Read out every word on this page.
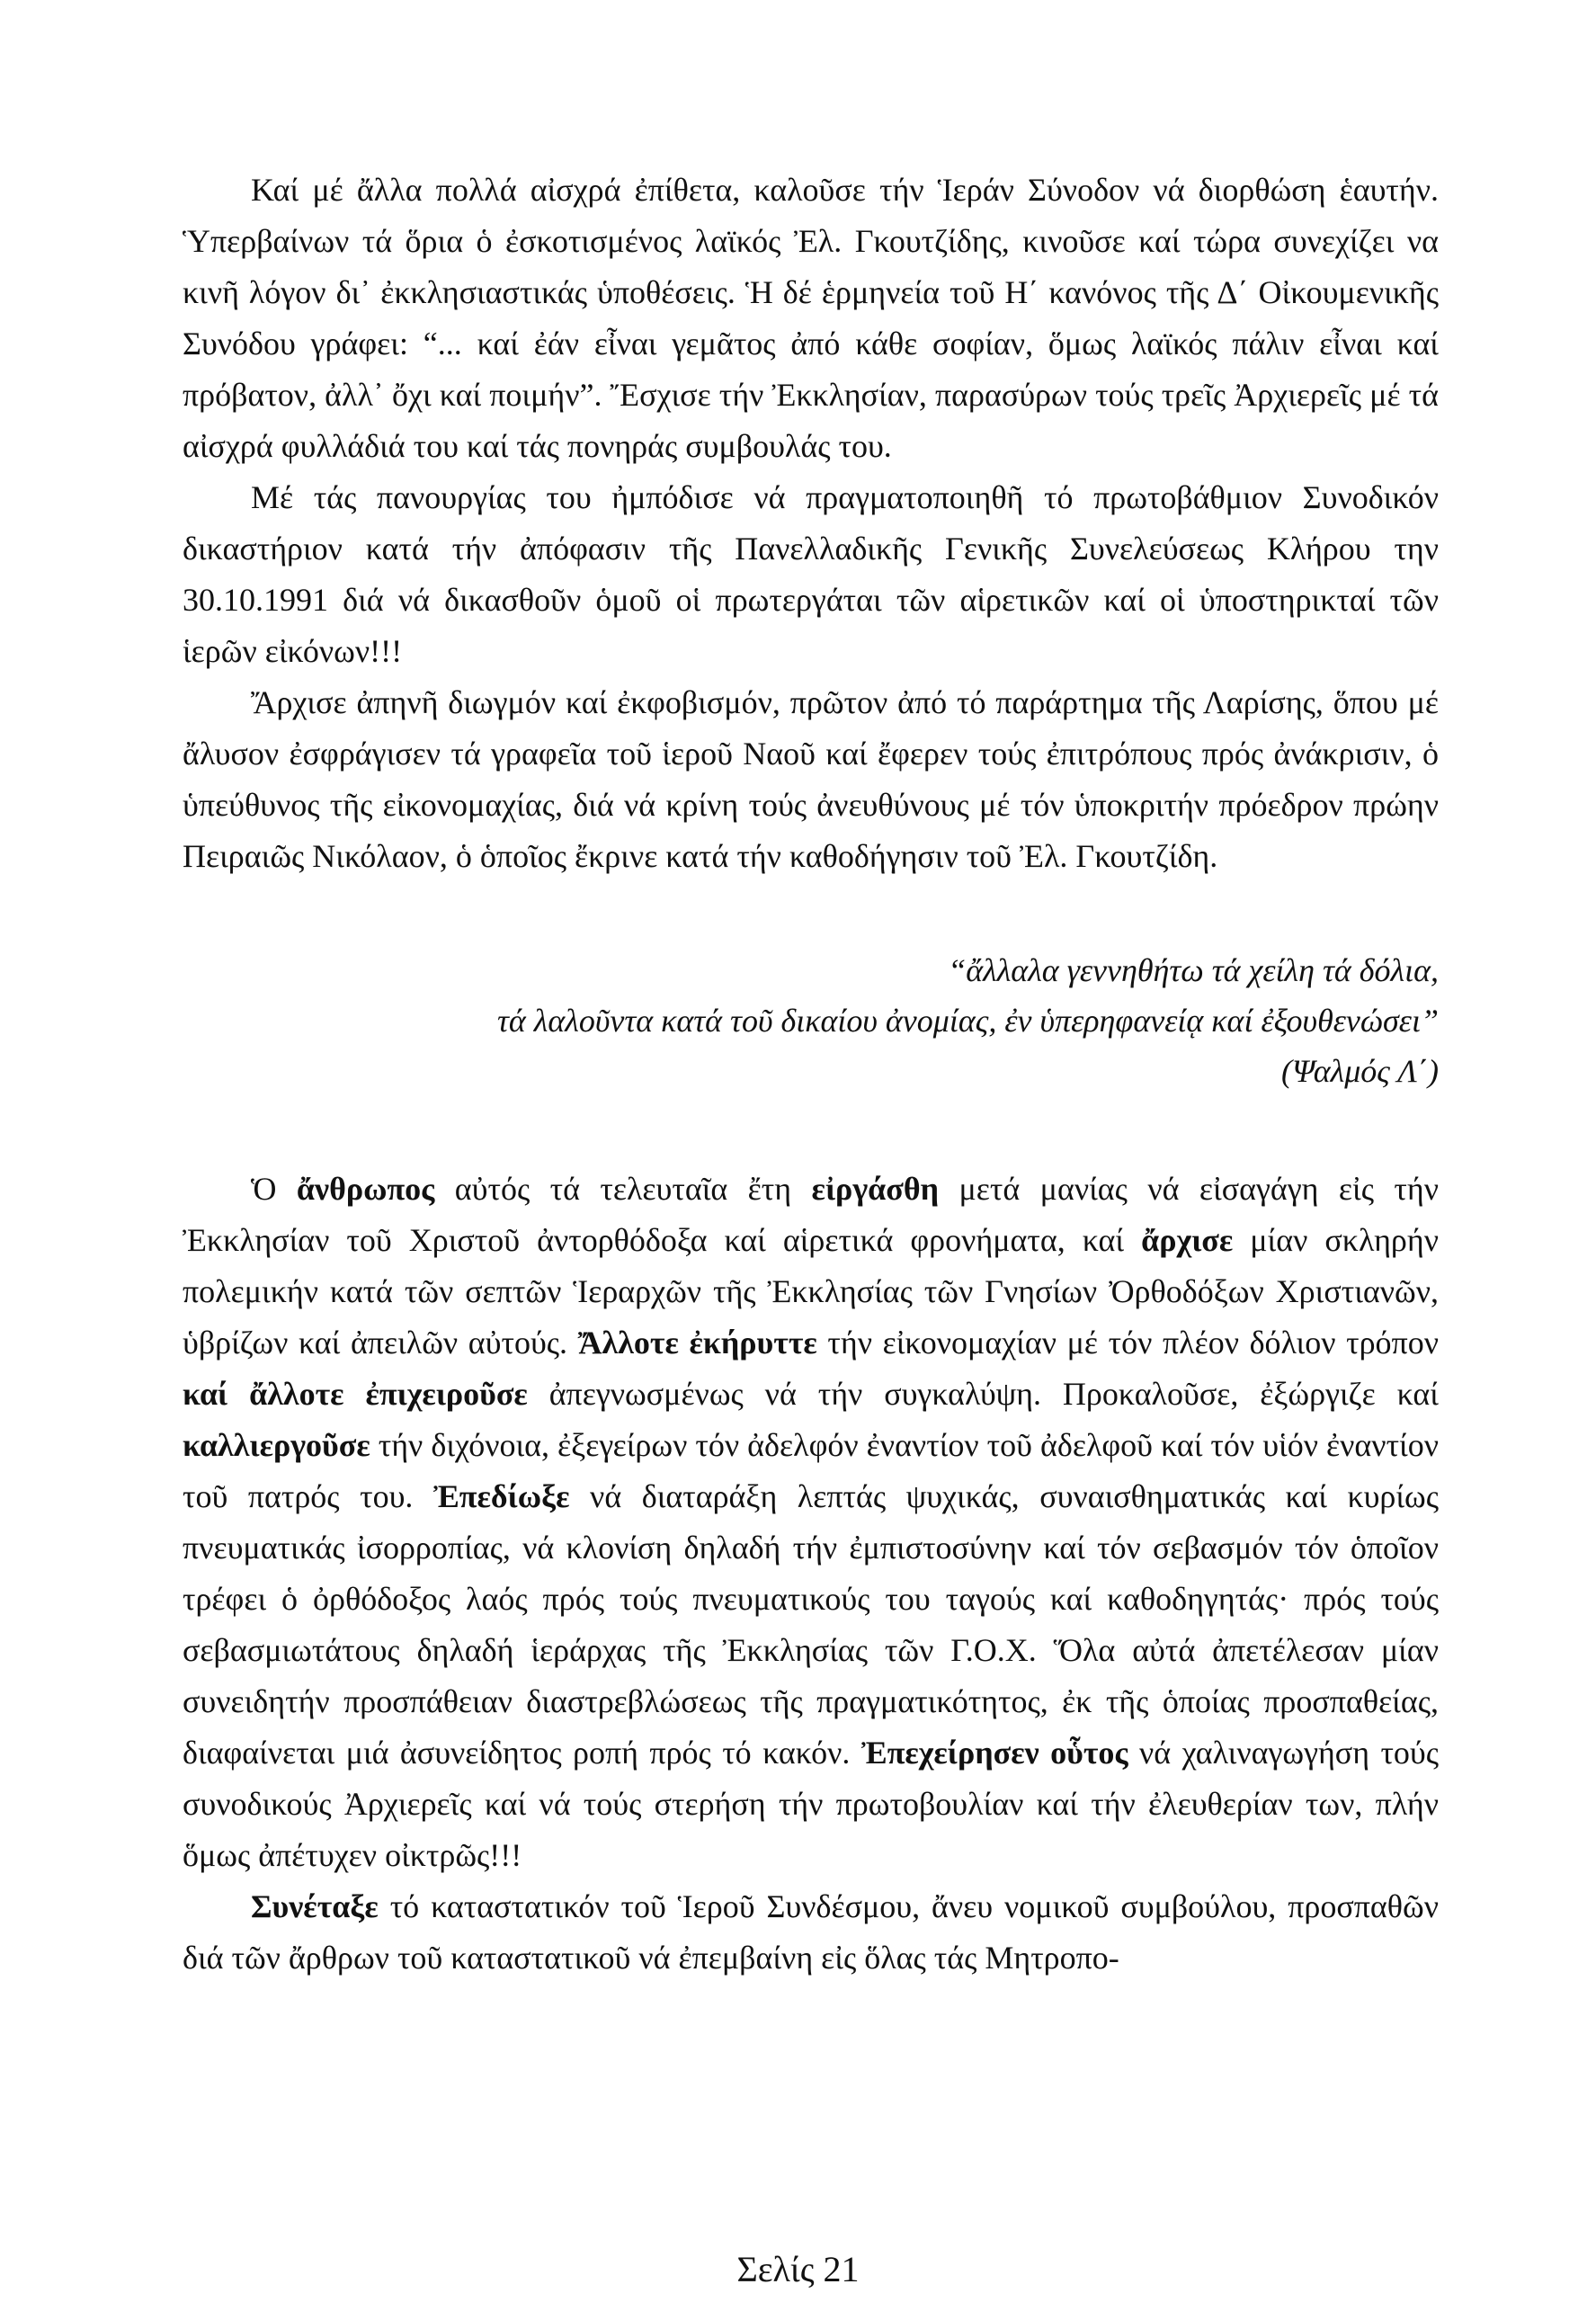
Καί μέ ἄλλα πολλά αἰσχρά ἐπίθετα, καλοῦσε τήν Ἱεράν Σύνοδον νά διορθώση ἑαυτήν. Ὑπερβαίνων τά ὅρια ὁ ἐσκοτισμένος λαϊκός Ἐλ. Γκουτζίδης, κινοῦσε καί τώρα συνεχίζει να κινῆ λόγον δι᾽ ἐκκλησιαστικάς ὑποθέσεις. Ἡ δέ ἑρμηνεία τοῦ Η΄ κανόνος τῆς Δ΄ Οἰκουμενικῆς Συνόδου γράφει: “... καί ἐάν εἶναι γεμᾶτος ἀπό κάθε σοφίαν, ὅμως λαϊκός πάλιν εἶναι καί πρόβατον, ἀλλ᾽ ὄχι καί ποιμήν”. Ἔσχισε τήν Ἐκκλησίαν, παρασύρων τούς τρεῖς Ἀρχιερεῖς μέ τά αἰσχρά φυλλάδιά του καί τάς πονηράς συμβουλάς του.

Μέ τάς πανουργίας του ἠμπόδισε νά πραγματοποιηθῆ τό πρωτοβάθμιον Συνοδικόν δικαστήριον κατά τήν ἀπόφασιν τῆς Πανελλαδικῆς Γενικῆς Συνελεύσεως Κλήρου την 30.10.1991 διά νά δικασθοῦν ὁμοῦ οἱ πρωτεργάται τῶν αἱρετικῶν καί οἱ ὑποστηρικταί τῶν ἱερῶν εἰκόνων!!!

Ἄρχισε ἀπηνῆ διωγμόν καί ἐκφοβισμόν, πρῶτον ἀπό τό παράρτημα τῆς Λαρίσης, ὅπου μέ ἄλυσον ἐσφράγισεν τά γραφεῖα τοῦ ἱεροῦ Ναοῦ καί ἔφερεν τούς ἐπιτρόπους πρός ἀνάκρισιν, ὁ ὑπεύθυνος τῆς εἰκονομαχίας, διά νά κρίνη τούς ἀνευθύνους μέ τόν ὑποκριτήν πρόεδρον πρώην Πειραιῶς Νικόλαον, ὁ ὁποῖος ἔκρινε κατά τήν καθοδήγησιν τοῦ Ἐλ. Γκουτζίδη.

“ἄλλαλα γεννηθήτω τά χείλη τά δόλια,
τά λαλοῦντα κατά τοῦ δικαίου ἀνομίας, ἐν ὑπερηφανείᾳ καί ἐξουθενώσει”
(Ψαλμός Λ΄)

Ὁ ἄνθρωπος αὐτός τά τελευταῖα ἔτη εἰργάσθη μετά μανίας νά εἰσαγάγη εἰς τήν Ἐκκλησίαν τοῦ Χριστοῦ ἀντορθόδοξα καί αἱρετικά φρονήματα, καί ἄρχισε μίαν σκληρήν πολεμικήν κατά τῶν σεπτῶν Ἱεραρχῶν τῆς Ἐκκλησίας τῶν Γνησίων Ὀρθοδόξων Χριστιανῶν, ὑβρίζων καί ἀπειλῶν αὐτούς. Ἄλλοτε ἐκήρυττε τήν εἰκονομαχίαν μέ τόν πλέον δόλιον τρόπον καί ἄλλοτε ἐπιχειροῦσε ἀπεγνωσμένως νά τήν συγκαλύψη. Προκαλοῦσε, ἐξώργιζε καί καλλιεργοῦσε τήν διχόνοια, ἐξεγείρων τόν ἀδελφόν ἐναντίον τοῦ ἀδελφοῦ καί τόν υἱόν ἐναντίον τοῦ πατρός του. Ἐπεδίωξε νά διαταράξη λεπτάς ψυχικάς, συναισθηματικάς καί κυρίως πνευματικάς ἰσορροπίας, νά κλονίση δηλαδή τήν ἐμπιστοσύνην καί τόν σεβασμόν τόν ὁποῖον τρέφει ὁ ὀρθόδοξος λαός πρός τούς πνευματικούς του ταγούς καί καθοδηγητάς· πρός τούς σεβασμιωτάτους δηλαδή ἱεράρχας τῆς Ἐκκλησίας τῶν Γ.Ο.Χ. Ὅλα αὐτά ἀπετέλεσαν μίαν συνειδητήν προσπάθειαν διαστρεβλώσεως τῆς πραγματικότητος, ἐκ τῆς ὁποίας προσπαθείας, διαφαίνεται μιά ἀσυνείδητος ροπή πρός τό κακόν. Ἐπεχείρησεν οὗτος νά χαλιναγωγήση τούς συνοδικούς Ἀρχιερεῖς καί νά τούς στερήση τήν πρωτοβουλίαν καί τήν ἐλευθερίαν των, πλήν ὅμως ἀπέτυχεν οἰκτρῶς!!!

Συνέταξε τό καταστατικόν τοῦ Ἱεροῦ Συνδέσμου, ἄνευ νομικοῦ συμβούλου, προσπαθῶν διά τῶν ἄρθρων τοῦ καταστατικοῦ νά ἐπεμβαίνη εἰς ὅλας τάς Μητροπο-

Σελίς 21
